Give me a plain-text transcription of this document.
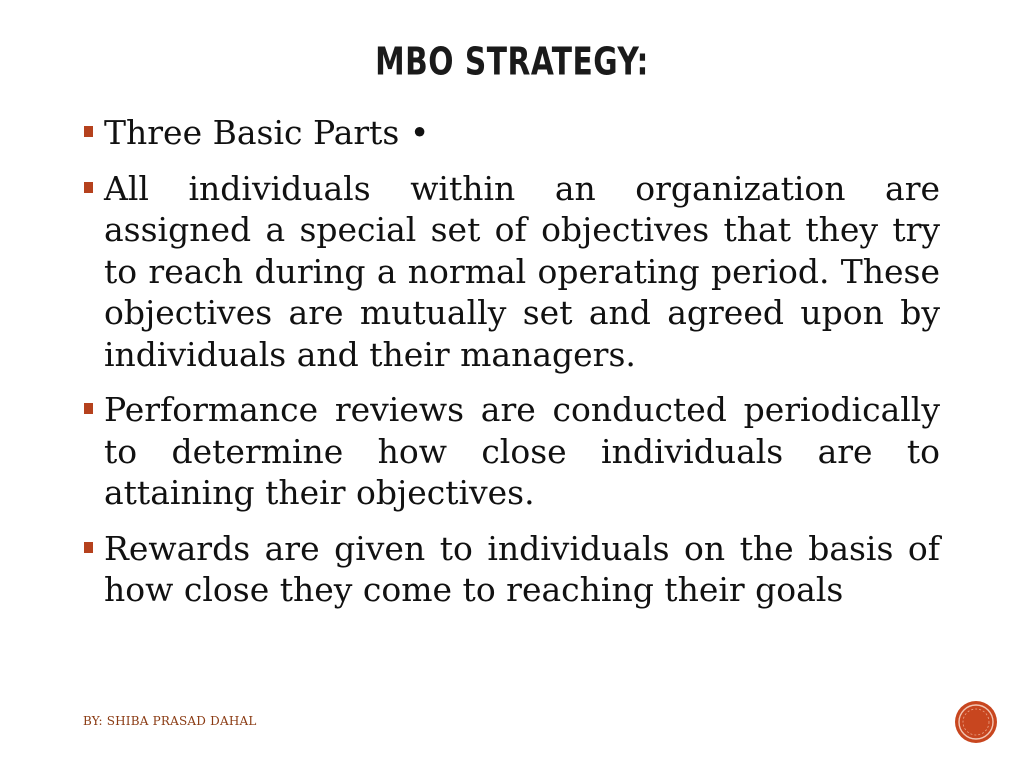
MBO STRATEGY:
Three Basic Parts •
All individuals within an organization are assigned a special set of objectives that they try to reach during a normal operating period. These objectives are mutually set and agreed upon by individuals and their managers.
Performance reviews are conducted periodically to determine how close individuals are to attaining their objectives.
Rewards are given to individuals on the basis of how close they come to reaching their goals
BY: SHIBA PRASAD DAHAL
